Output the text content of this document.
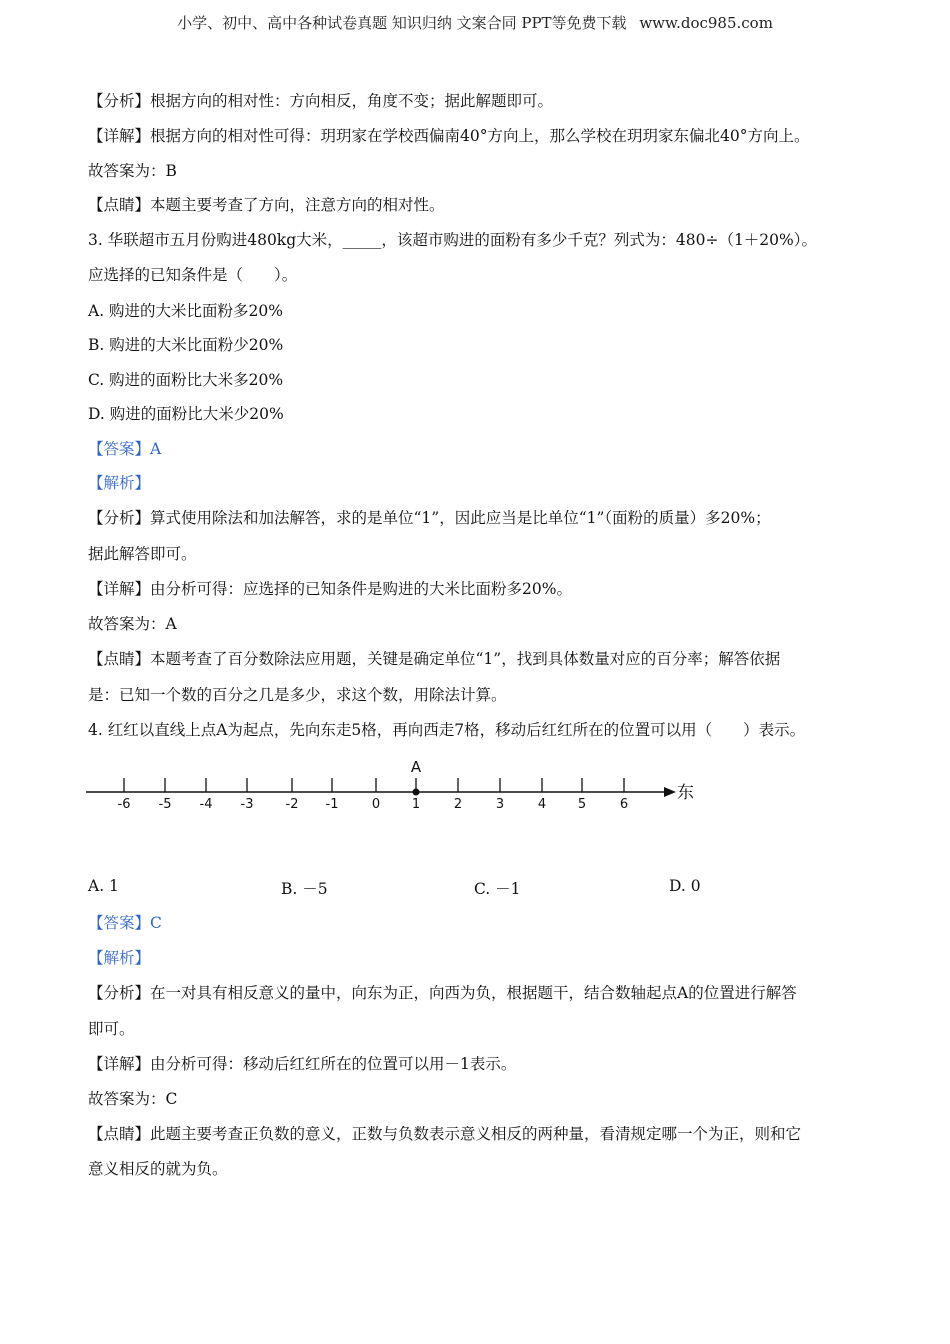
小学、初中、高中各种试卷真题 知识归纳 文案合同 PPT等免费下载 www.doc985.com
【分析】根据方向的相对性：方向相反，角度不变；据此解题即可。
【详解】根据方向的相对性可得：玥玥家在学校西偏南40°方向上，那么学校在玥玥家东偏北40°方向上。
故答案为：B
【点睛】本题主要考查了方向，注意方向的相对性。
3. 华联超市五月份购进480kg大米，_____，该超市购进的面粉有多少千克？列式为：480÷（1＋20%）。
应选择的已知条件是（　　）。
A. 购进的大米比面粉多20%
B. 购进的大米比面粉少20%
C. 购进的面粉比大米多20%
D. 购进的面粉比大米少20%
【答案】A
【解析】
【分析】算式使用除法和加法解答，求的是单位“1”，因此应当是比单位“1”（面粉的质量）多20%；
据此解答即可。
【详解】由分析可得：应选择的已知条件是购进的大米比面粉多20%。
故答案为：A
【点睛】本题考查了百分数除法应用题，关键是确定单位“1”，找到具体数量对应的百分率；解答依据
是：已知一个数的百分之几是多少，求这个数，用除法计算。
4. 红红以直线上点A为起点，先向东走5格，再向西走7格，移动后红红所在的位置可以用（　　）表示。
东
-6 -5 -4 -3 -2 -1	0 1	2	3	4 5	6
A
A. 1	B. －5	C. －1	D. 0
【答案】C
【解析】
【分析】在一对具有相反意义的量中，向东为正，向西为负，根据题干，结合数轴起点A的位置进行解答
即可。
【详解】由分析可得：移动后红红所在的位置可以用－1表示。
故答案为：C
【点睛】此题主要考查正负数的意义，正数与负数表示意义相反的两种量，看清规定哪一个为正，则和它
意义相反的就为负。
